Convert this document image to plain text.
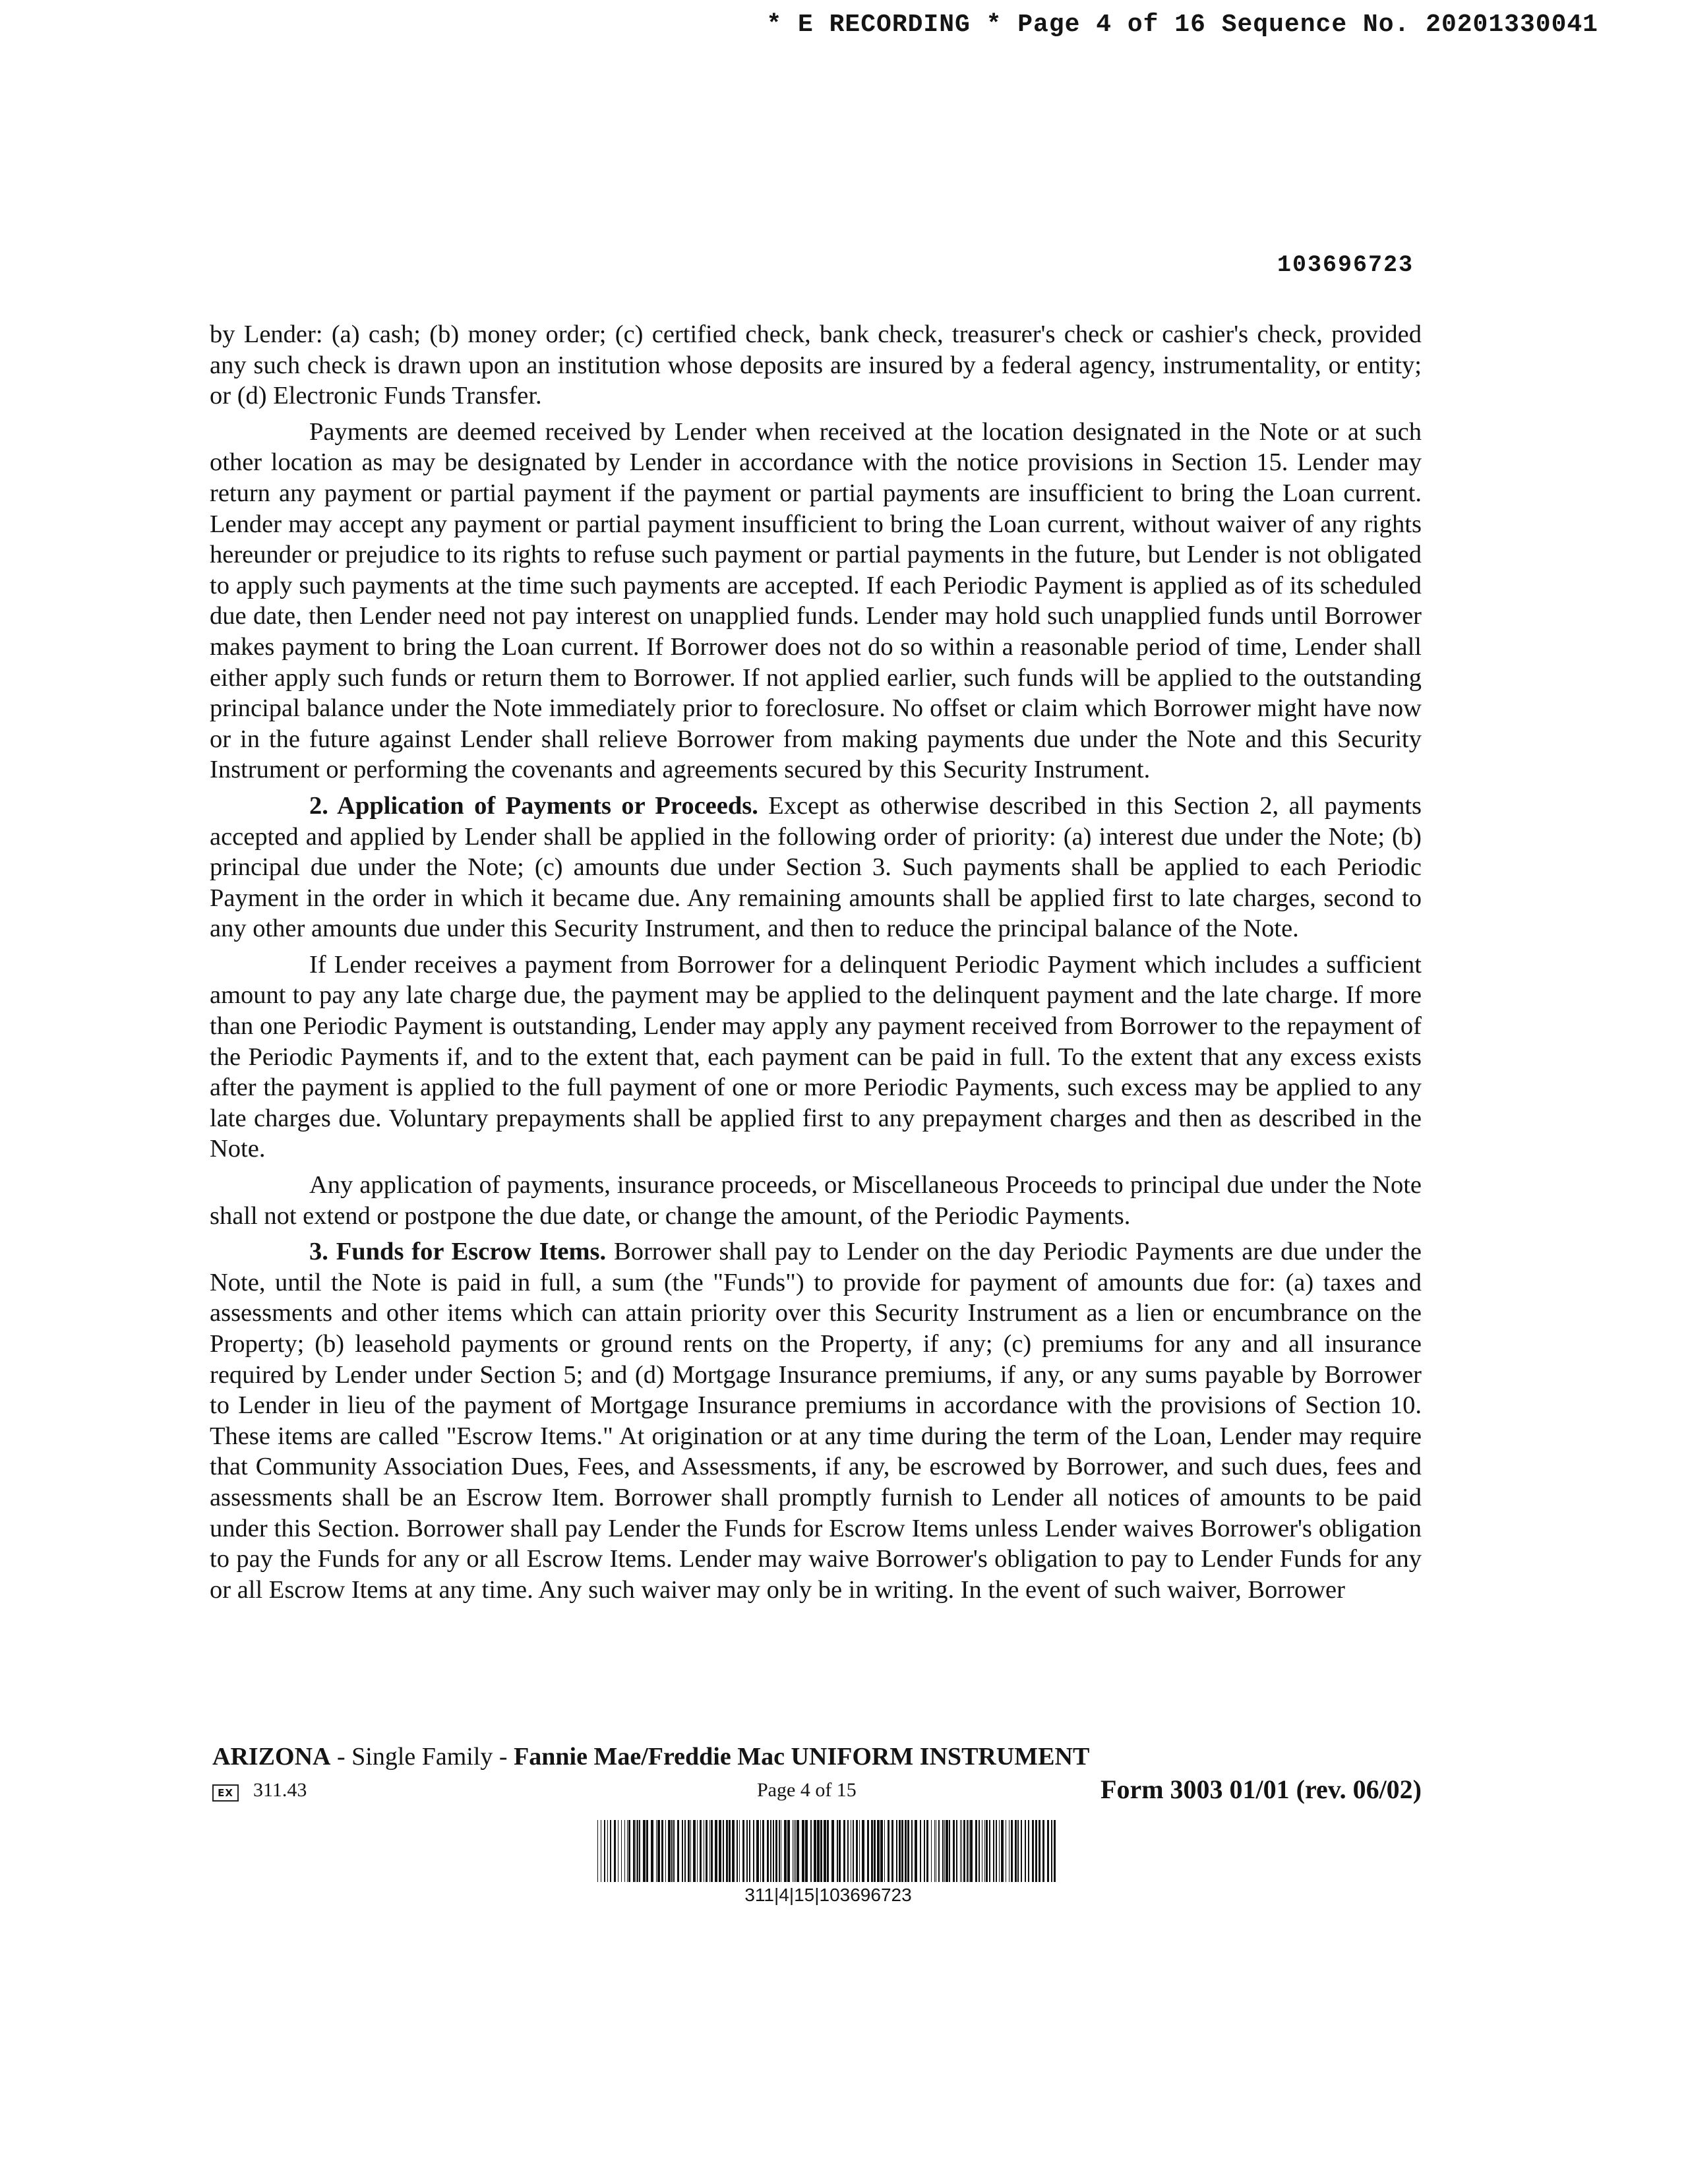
* E RECORDING * Page 4 of 16 Sequence No. 20201330041
103696723

by Lender: (a) cash; (b) money order; (c) certified check, bank check, treasurer's check or cashier's check, provided any such check is drawn upon an institution whose deposits are insured by a federal agency, instrumentality, or entity; or (d) Electronic Funds Transfer.

Payments are deemed received by Lender when received at the location designated in the Note or at such other location as may be designated by Lender in accordance with the notice provisions in Section 15. Lender may return any payment or partial payment if the payment or partial payments are insufficient to bring the Loan current. Lender may accept any payment or partial payment insufficient to bring the Loan current, without waiver of any rights hereunder or prejudice to its rights to refuse such payment or partial payments in the future, but Lender is not obligated to apply such payments at the time such payments are accepted. If each Periodic Payment is applied as of its scheduled due date, then Lender need not pay interest on unapplied funds. Lender may hold such unapplied funds until Borrower makes payment to bring the Loan current. If Borrower does not do so within a reasonable period of time, Lender shall either apply such funds or return them to Borrower. If not applied earlier, such funds will be applied to the outstanding principal balance under the Note immediately prior to foreclosure. No offset or claim which Borrower might have now or in the future against Lender shall relieve Borrower from making payments due under the Note and this Security Instrument or performing the covenants and agreements secured by this Security Instrument.

2. Application of Payments or Proceeds. Except as otherwise described in this Section 2, all payments accepted and applied by Lender shall be applied in the following order of priority: (a) interest due under the Note; (b) principal due under the Note; (c) amounts due under Section 3. Such payments shall be applied to each Periodic Payment in the order in which it became due. Any remaining amounts shall be applied first to late charges, second to any other amounts due under this Security Instrument, and then to reduce the principal balance of the Note.

If Lender receives a payment from Borrower for a delinquent Periodic Payment which includes a sufficient amount to pay any late charge due, the payment may be applied to the delinquent payment and the late charge. If more than one Periodic Payment is outstanding, Lender may apply any payment received from Borrower to the repayment of the Periodic Payments if, and to the extent that, each payment can be paid in full. To the extent that any excess exists after the payment is applied to the full payment of one or more Periodic Payments, such excess may be applied to any late charges due. Voluntary prepayments shall be applied first to any prepayment charges and then as described in the Note.

Any application of payments, insurance proceeds, or Miscellaneous Proceeds to principal due under the Note shall not extend or postpone the due date, or change the amount, of the Periodic Payments.

3. Funds for Escrow Items. Borrower shall pay to Lender on the day Periodic Payments are due under the Note, until the Note is paid in full, a sum (the "Funds") to provide for payment of amounts due for: (a) taxes and assessments and other items which can attain priority over this Security Instrument as a lien or encumbrance on the Property; (b) leasehold payments or ground rents on the Property, if any; (c) premiums for any and all insurance required by Lender under Section 5; and (d) Mortgage Insurance premiums, if any, or any sums payable by Borrower to Lender in lieu of the payment of Mortgage Insurance premiums in accordance with the provisions of Section 10. These items are called "Escrow Items." At origination or at any time during the term of the Loan, Lender may require that Community Association Dues, Fees, and Assessments, if any, be escrowed by Borrower, and such dues, fees and assessments shall be an Escrow Item. Borrower shall promptly furnish to Lender all notices of amounts to be paid under this Section. Borrower shall pay Lender the Funds for Escrow Items unless Lender waives Borrower's obligation to pay the Funds for any or all Escrow Items. Lender may waive Borrower's obligation to pay to Lender Funds for any or all Escrow Items at any time. Any such waiver may only be in writing. In the event of such waiver, Borrower

ARIZONA - Single Family - Fannie Mae/Freddie Mac UNIFORM INSTRUMENT
EX 311.43	Page 4 of 15	Form 3003 01/01 (rev. 06/02)
311|4|15|103696723
